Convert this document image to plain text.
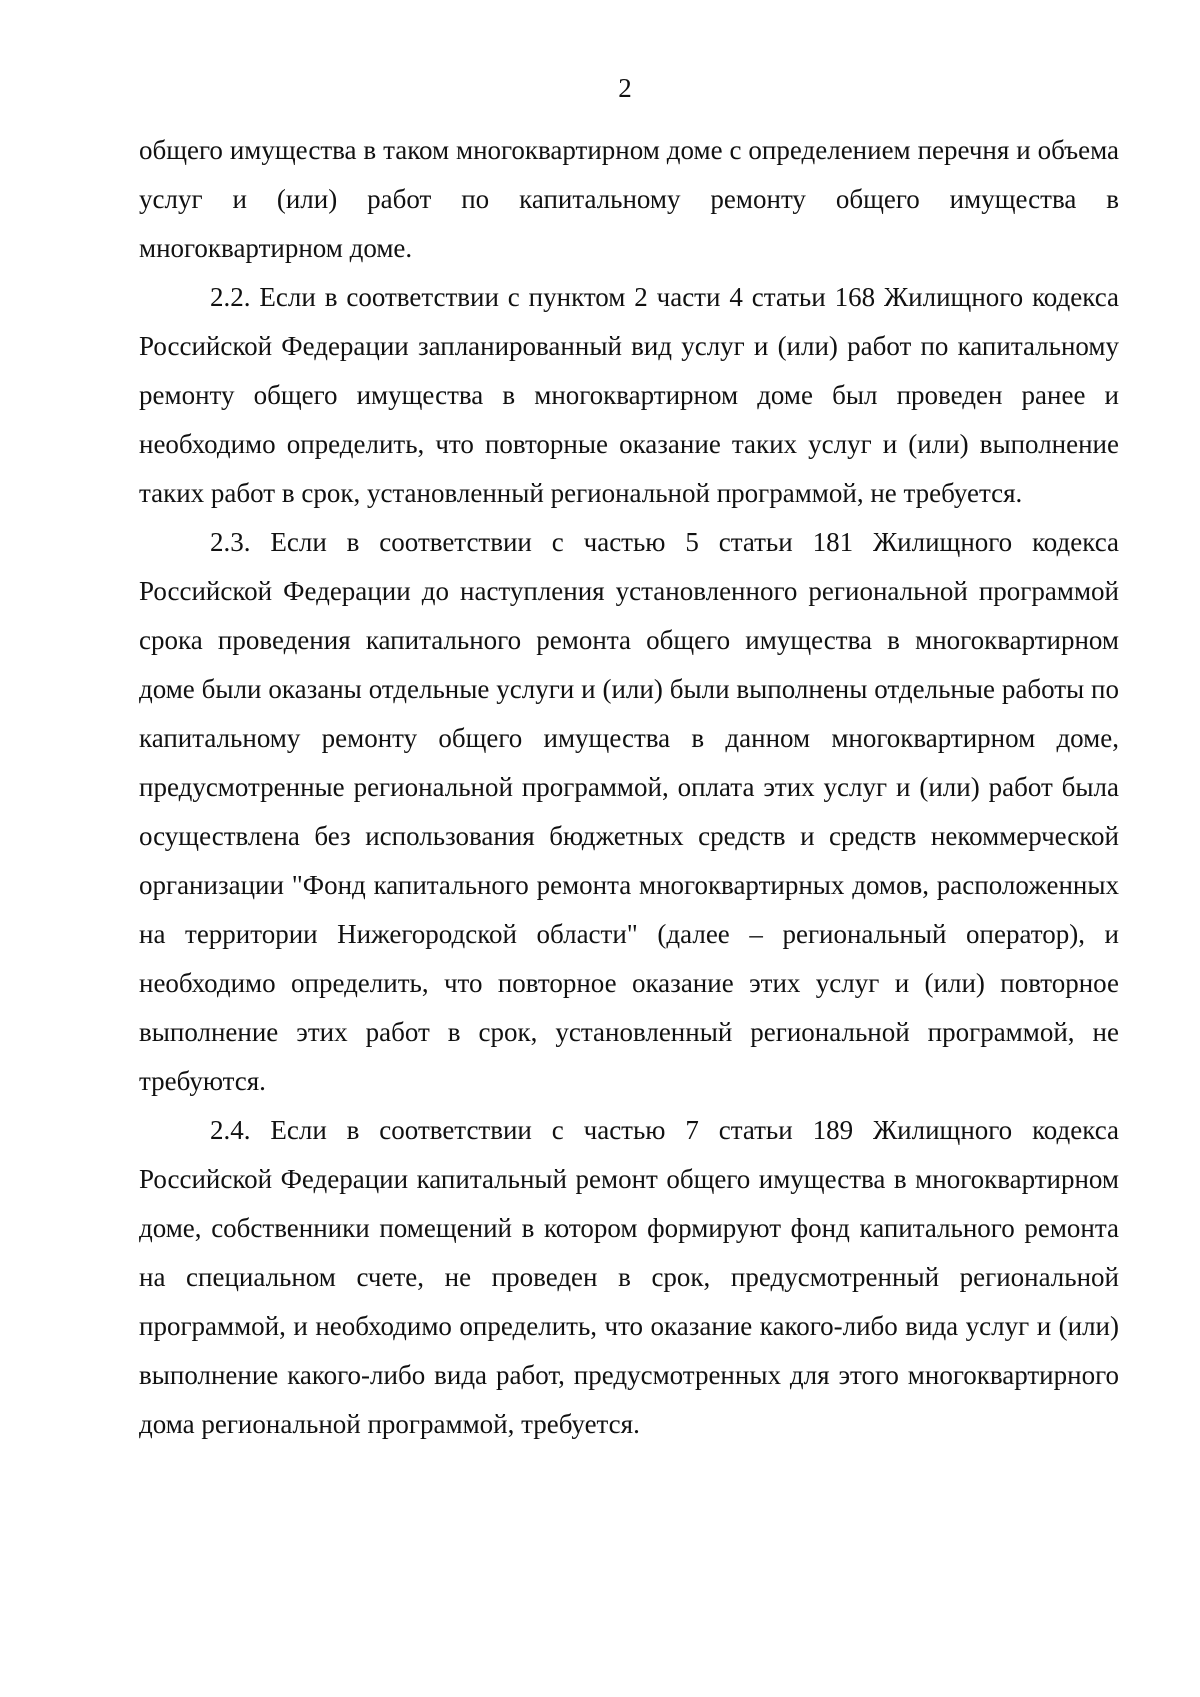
2

общего имущества в таком многоквартирном доме с определением перечня и объема услуг и (или) работ по капитальному ремонту общего имущества в многоквартирном доме.

2.2. Если в соответствии с пунктом 2 части 4 статьи 168 Жилищного кодекса Российской Федерации запланированный вид услуг и (или) работ по капитальному ремонту общего имущества в многоквартирном доме был проведен ранее и необходимо определить, что повторные оказание таких услуг и (или) выполнение таких работ в срок, установленный региональной программой, не требуется.

2.3. Если в соответствии с частью 5 статьи 181 Жилищного кодекса Российской Федерации до наступления установленного региональной программой срока проведения капитального ремонта общего имущества в многоквартирном доме были оказаны отдельные услуги и (или) были выполнены отдельные работы по капитальному ремонту общего имущества в данном многоквартирном доме, предусмотренные региональной программой, оплата этих услуг и (или) работ была осуществлена без использования бюджетных средств и средств некоммерческой организации "Фонд капитального ремонта многоквартирных домов, расположенных на территории Нижегородской области" (далее – региональный оператор), и необходимо определить, что повторное оказание этих услуг и (или) повторное выполнение этих работ в срок, установленный региональной программой, не требуются.

2.4. Если в соответствии с частью 7 статьи 189 Жилищного кодекса Российской Федерации капитальный ремонт общего имущества в многоквартирном доме, собственники помещений в котором формируют фонд капитального ремонта на специальном счете, не проведен в срок, предусмотренный региональной программой, и необходимо определить, что оказание какого-либо вида услуг и (или) выполнение какого-либо вида работ, предусмотренных для этого многоквартирного дома региональной программой, требуется.
